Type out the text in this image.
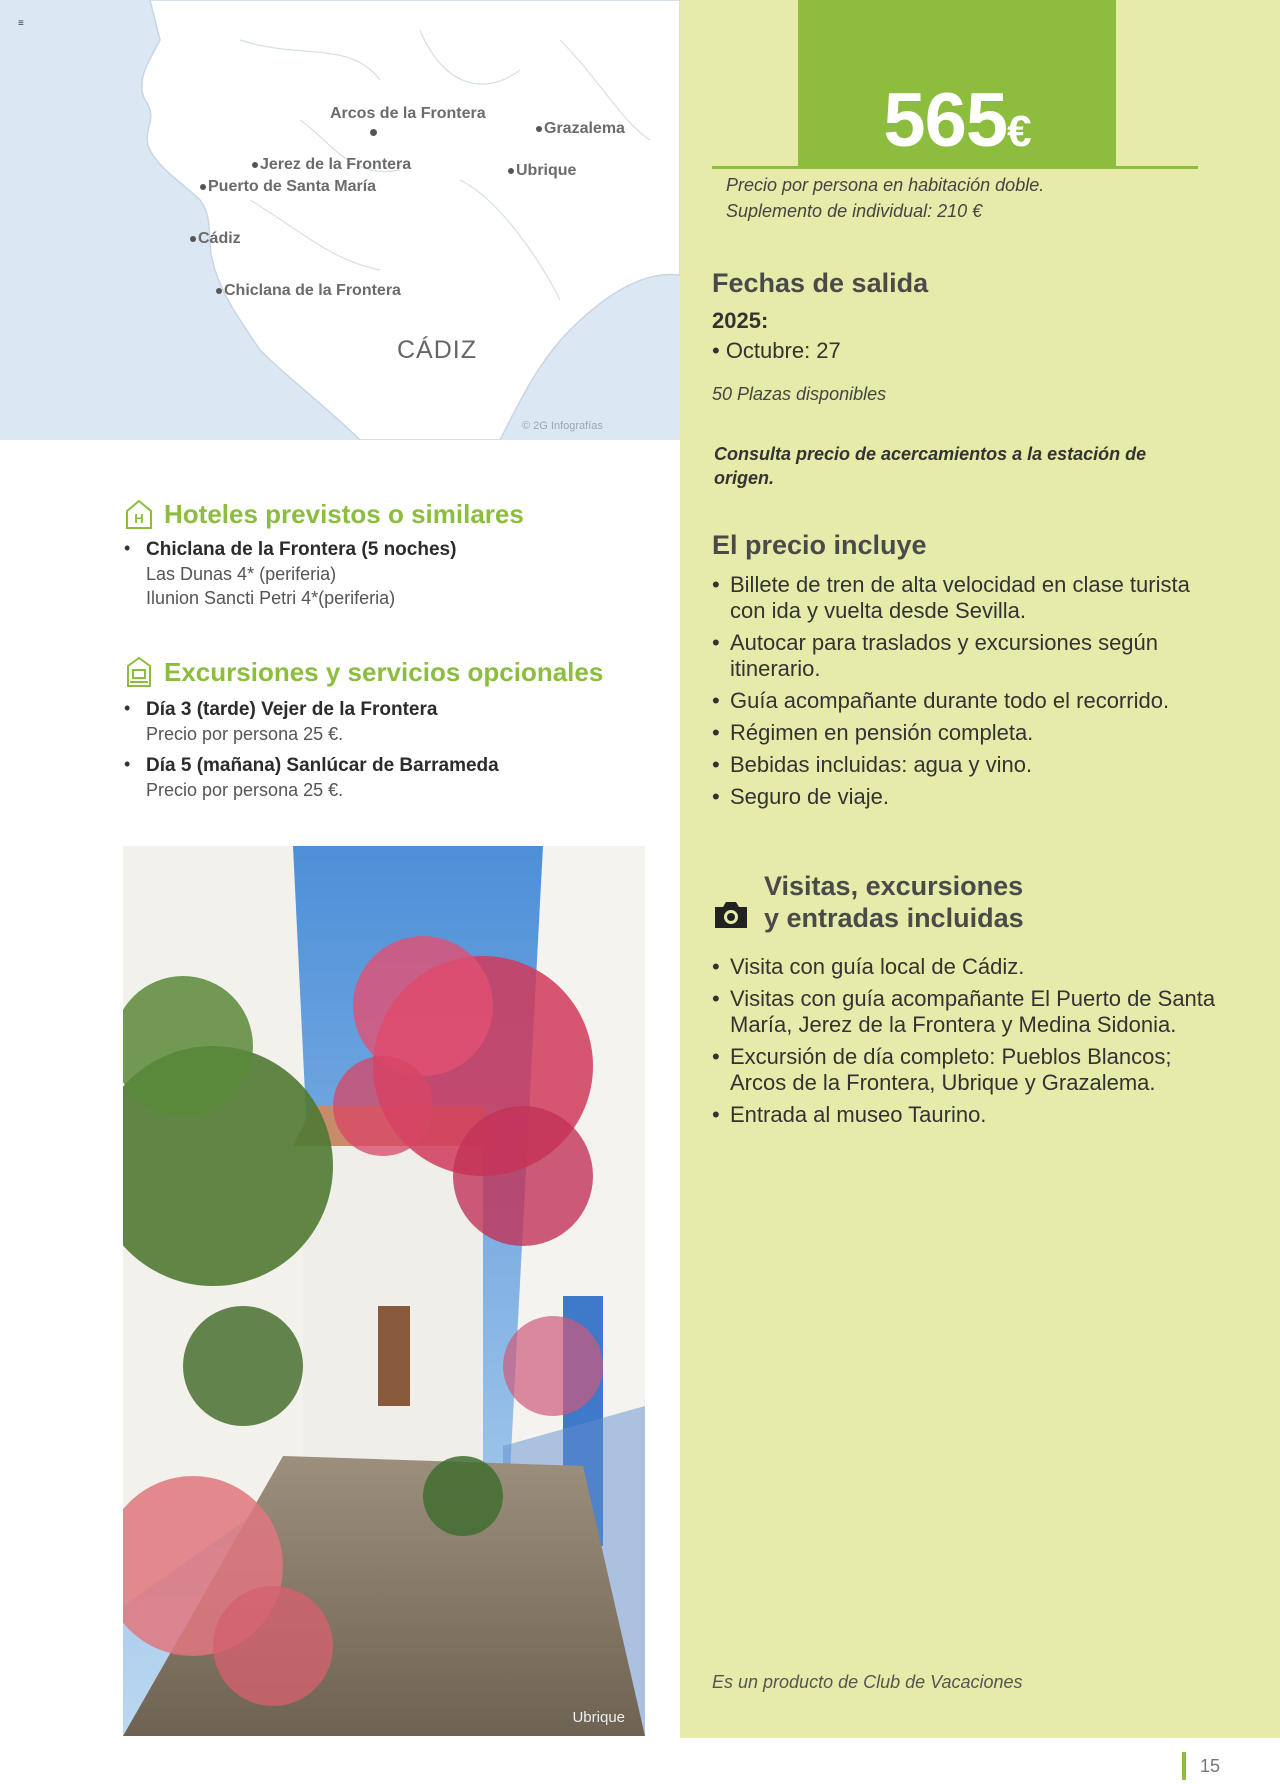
≡
Arcos de la Frontera
Grazalema
Jerez de la Frontera	Ubrique
Puerto de Santa María
Cádiz
Chiclana de la Frontera
CÁDIZ
© 2G Infografías
H Hoteles previstos o similares
• Chiclana de la Frontera (5 noches)
Las Dunas 4* (periferia)
Ilunion Sancti Petri 4*(periferia)
Excursiones y servicios opcionales
• Día 3 (tarde) Vejer de la Frontera
Precio por persona 25 €.
• Día 5 (mañana) Sanlúcar de Barrameda
Precio por persona 25 €.
Ubrique
565€
Precio por persona en habitación doble.
Suplemento de individual: 210 €
Fechas de salida
2025:
• Octubre: 27
50 Plazas disponibles
Consulta precio de acercamientos a la estación de origen.
El precio incluye
• Billete de tren de alta velocidad en clase turista con ida y vuelta desde Sevilla.
• Autocar para traslados y excursiones según itinerario.
• Guía acompañante durante todo el recorrido.
• Régimen en pensión completa.
• Bebidas incluidas: agua y vino.
• Seguro de viaje.
Visitas, excursiones
y entradas incluidas
• Visita con guía local de Cádiz.
• Visitas con guía acompañante El Puerto de Santa María, Jerez de la Frontera y Medina Sidonia.
• Excursión de día completo: Pueblos Blancos; Arcos de la Frontera, Ubrique y Grazalema.
• Entrada al museo Taurino.
Es un producto de Club de Vacaciones
15
